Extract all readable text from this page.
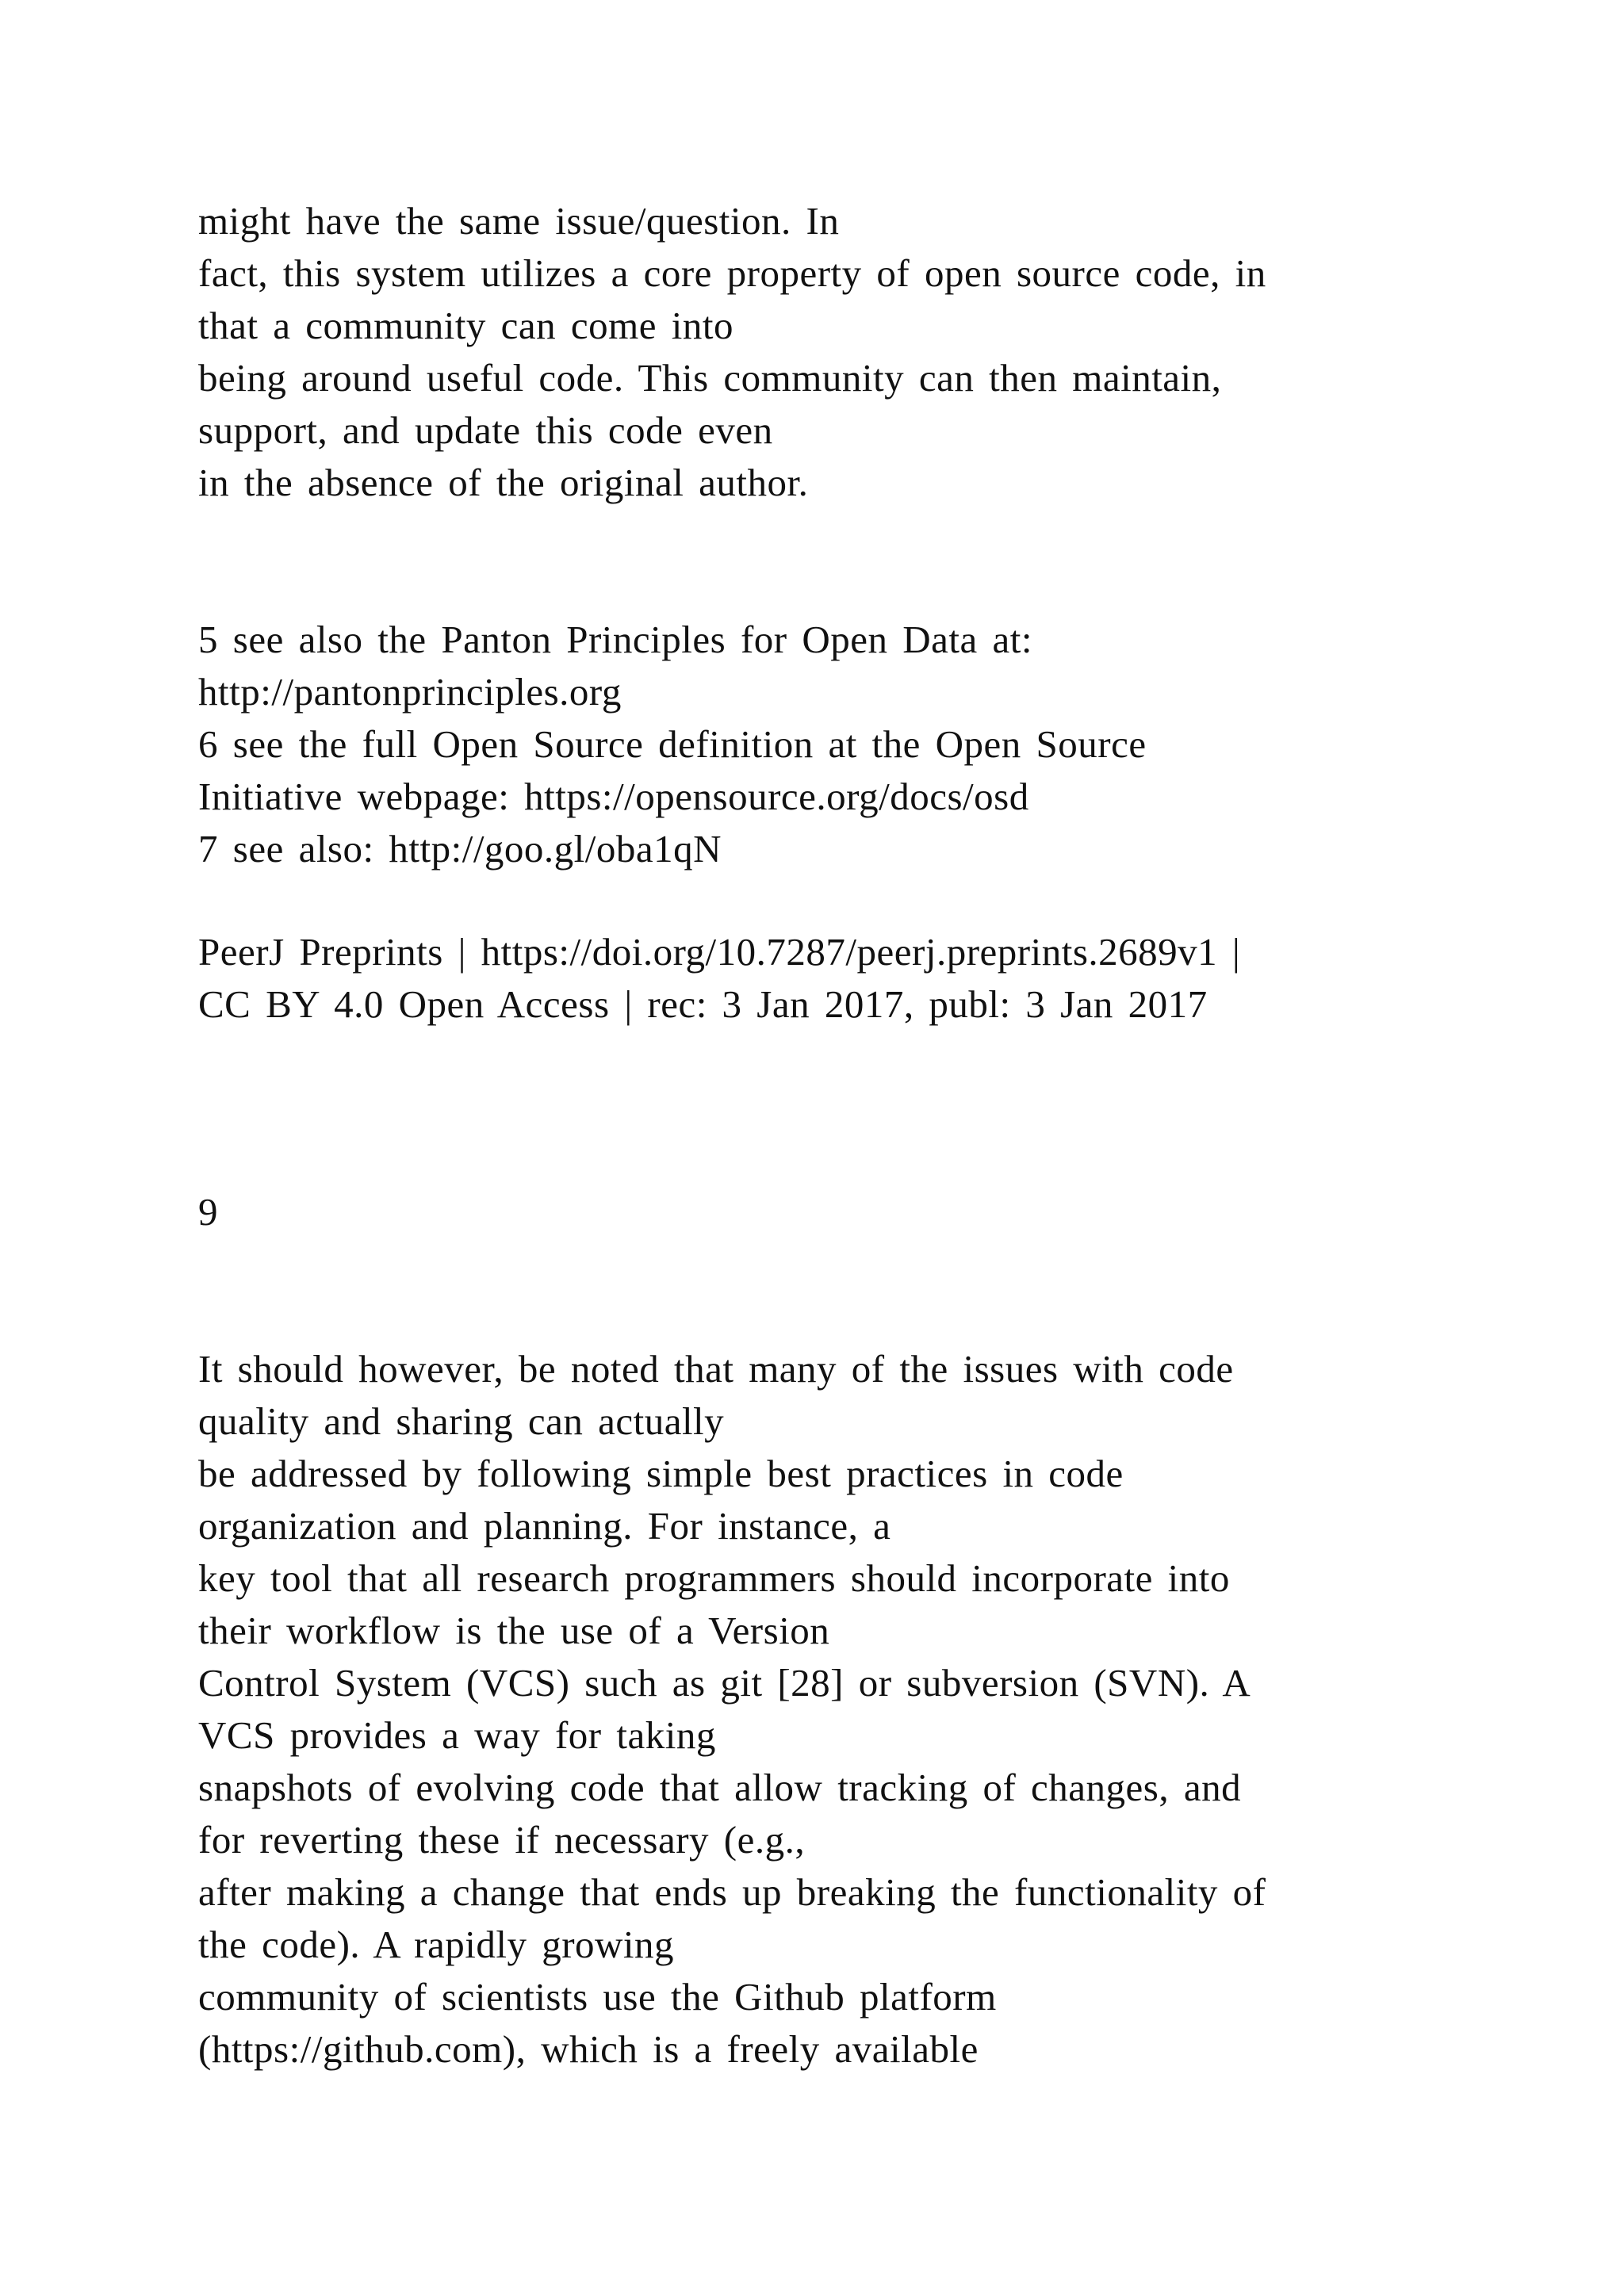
might have the same issue/question. In
fact, this system utilizes a core property of open source code, in
that a community can come into
being around useful code. This community can then maintain,
support, and update this code even
in the absence of the original author.
5 see also the Panton Principles for Open Data at:
http://pantonprinciples.org
6 see the full Open Source definition at the Open Source
Initiative webpage: https://opensource.org/docs/osd
7 see also: http://goo.gl/oba1qN
PeerJ Preprints | https://doi.org/10.7287/peerj.preprints.2689v1 |
CC BY 4.0 Open Access | rec: 3 Jan 2017, publ: 3 Jan 2017
9
It should however, be noted that many of the issues with code
quality and sharing can actually
be addressed by following simple best practices in code
organization and planning. For instance, a
key tool that all research programmers should incorporate into
their workflow is the use of a Version
Control System (VCS) such as git [28] or subversion (SVN). A
VCS provides a way for taking
snapshots of evolving code that allow tracking of changes, and
for reverting these if necessary (e.g.,
after making a change that ends up breaking the functionality of
the code). A rapidly growing
community of scientists use the Github platform
(https://github.com), which is a freely available
